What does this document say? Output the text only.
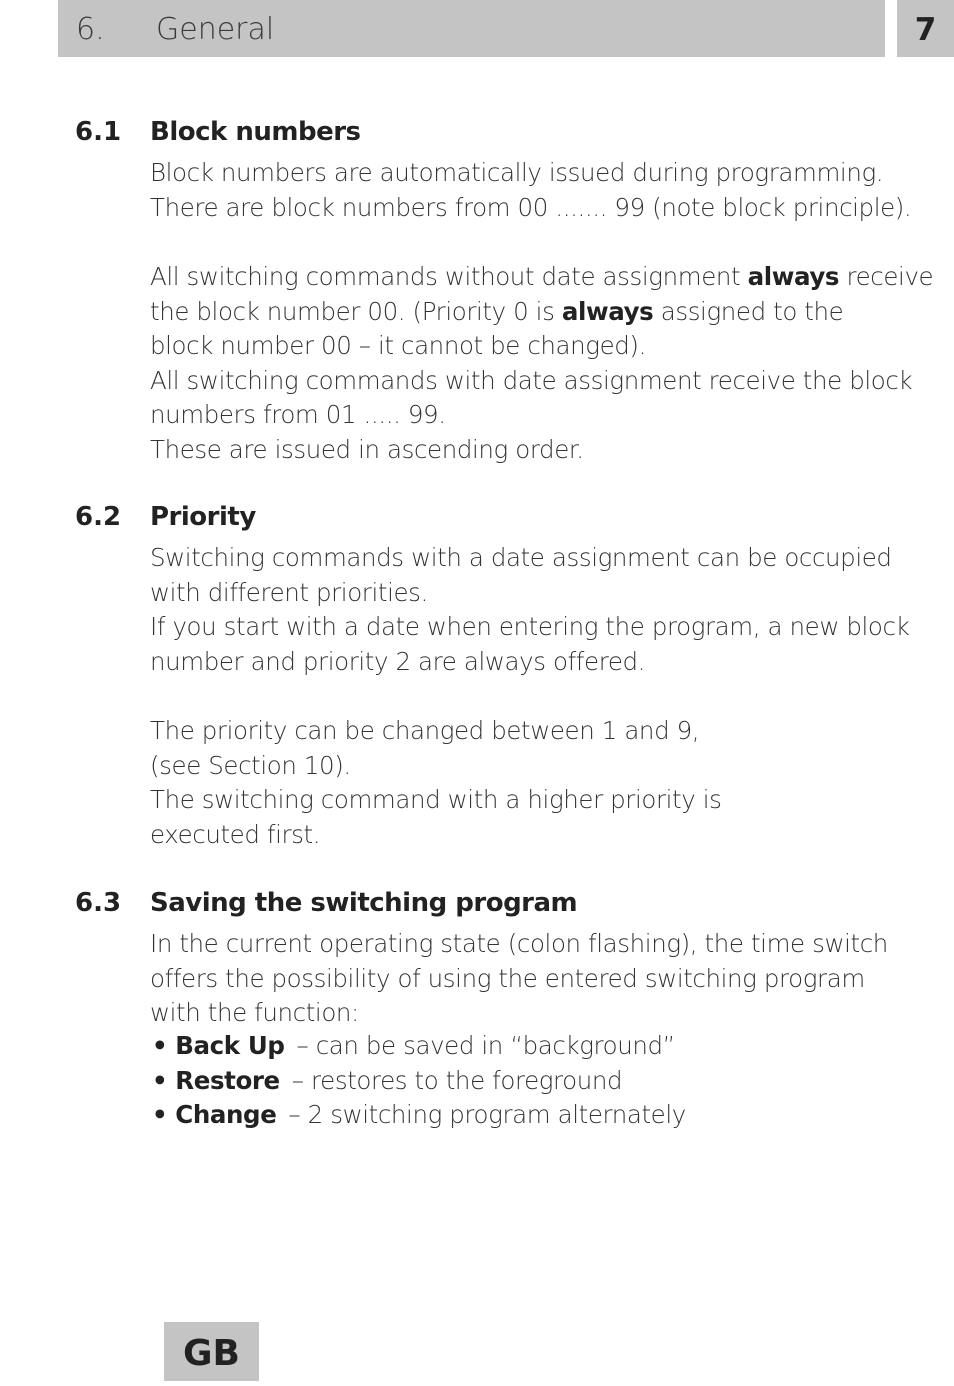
6. General	7
6.1 Block numbers
Block numbers are automatically issued during programming.
There are block numbers from 00 ....... 99 (note block principle).
All switching commands without date assignment always receive
the block number 00. (Priority 0 is always assigned to the
block number 00 – it cannot be changed).
All switching commands with date assignment receive the block
numbers from 01 ..... 99.
These are issued in ascending order.
6.2 Priority
Switching commands with a date assignment can be occupied
with different priorities.
If you start with a date when entering the program, a new block
number and priority 2 are always offered.
The priority can be changed between 1 and 9,
(see Section 10).
The switching command with a higher priority is
executed first.
6.3 Saving the switching program
In the current operating state (colon flashing), the time switch
offers the possibility of using the entered switching program
with the function:
• Back Up – can be saved in “background”
• Restore – restores to the foreground
• Change – 2 switching program alternately
GB
